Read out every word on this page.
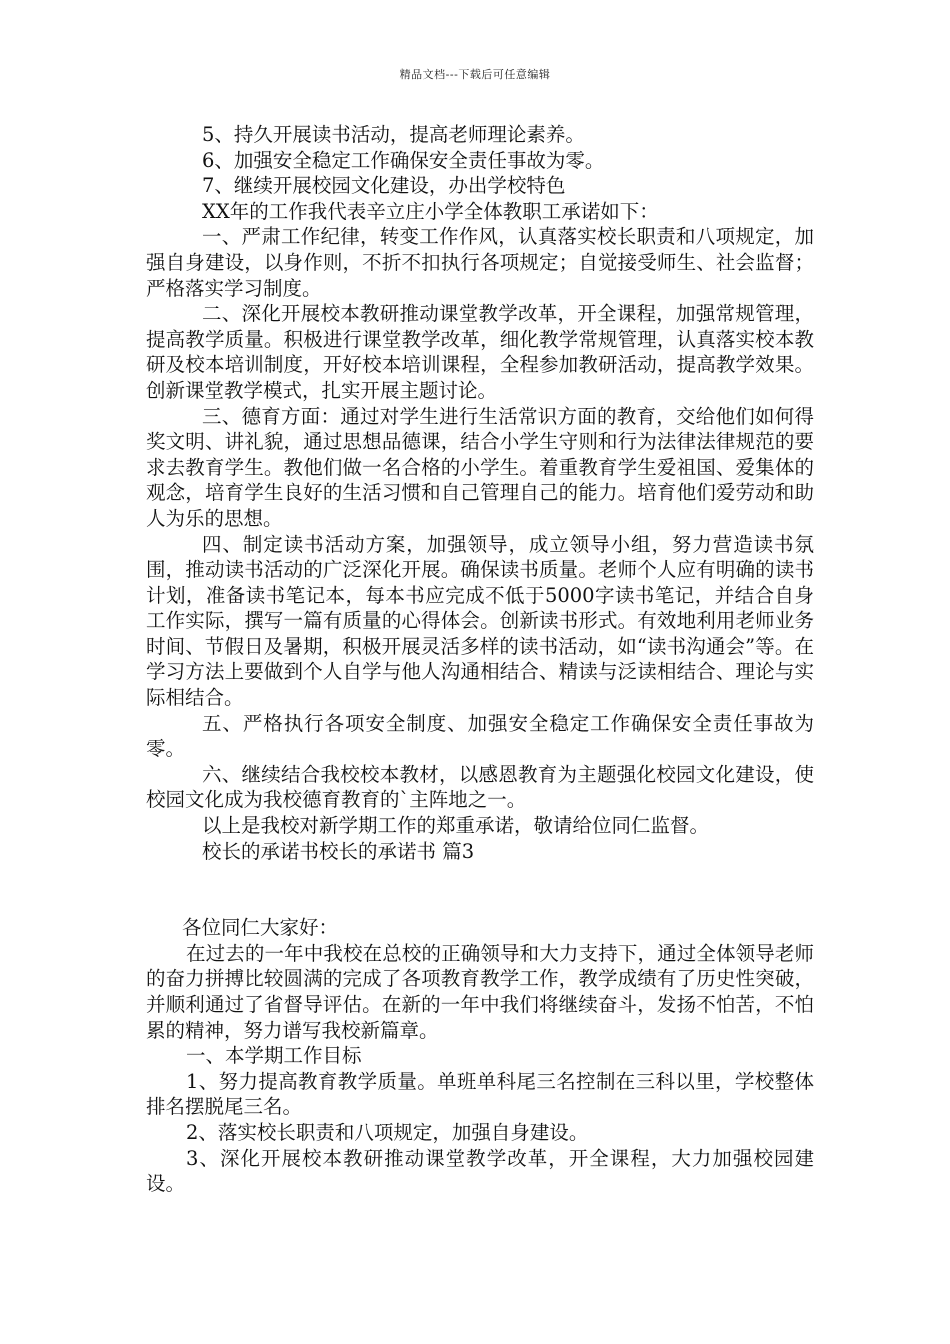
精品文档---下载后可任意编辑

5、持久开展读书活动，提高老师理论素养。

6、加强安全稳定工作确保安全责任事故为零。

7、继续开展校园文化建设，办出学校特色

XX年的工作我代表辛立庄小学全体教职工承诺如下：

一、严肃工作纪律，转变工作作风，认真落实校长职责和八项规定，加强自身建设，以身作则，不折不扣执行各项规定；自觉接受师生、社会监督；严格落实学习制度。

二、深化开展校本教研推动课堂教学改革，开全课程，加强常规管理，提高教学质量。积极进行课堂教学改革，细化教学常规管理，认真落实校本教研及校本培训制度，开好校本培训课程，全程参加教研活动，提高教学效果。创新课堂教学模式，扎实开展主题讨论。

三、德育方面：通过对学生进行生活常识方面的教育，交给他们如何得奖文明、讲礼貌，通过思想品德课，结合小学生守则和行为法律法律规范的要求去教育学生。教他们做一名合格的小学生。着重教育学生爱祖国、爱集体的观念，培育学生良好的生活习惯和自己管理自己的能力。培育他们爱劳动和助人为乐的思想。

四、制定读书活动方案，加强领导，成立领导小组，努力营造读书氛围，推动读书活动的广泛深化开展。确保读书质量。老师个人应有明确的读书计划，准备读书笔记本，每本书应完成不低于5000字读书笔记，并结合自身工作实际，撰写一篇有质量的心得体会。创新读书形式。有效地利用老师业务时间、节假日及暑期，积极开展灵活多样的读书活动，如“读书沟通会”等。在学习方法上要做到个人自学与他人沟通相结合、精读与泛读相结合、理论与实际相结合。

五、严格执行各项安全制度、加强安全稳定工作确保安全责任事故为零。

六、继续结合我校校本教材，以感恩教育为主题强化校园文化建设，使校园文化成为我校德育教育的`主阵地之一。

以上是我校对新学期工作的郑重承诺，敬请给位同仁监督。

校长的承诺书校长的承诺书 篇3

各位同仁大家好：

在过去的一年中我校在总校的正确领导和大力支持下，通过全体领导老师的奋力拼搏比较圆满的完成了各项教育教学工作，教学成绩有了历史性突破，并顺利通过了省督导评估。在新的一年中我们将继续奋斗，发扬不怕苦，不怕累的精神，努力谱写我校新篇章。

一、本学期工作目标

1、努力提高教育教学质量。单班单科尾三名控制在三科以里，学校整体排名摆脱尾三名。

2、落实校长职责和八项规定，加强自身建设。

3、深化开展校本教研推动课堂教学改革，开全课程，大力加强校园建设。
